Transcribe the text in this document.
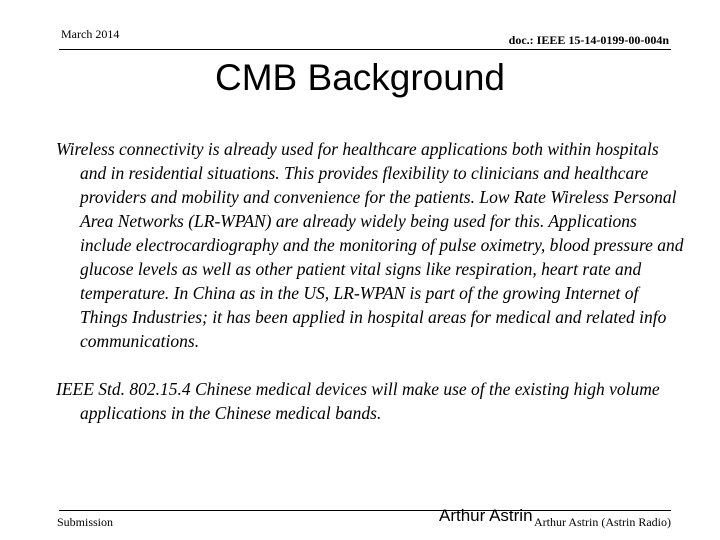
March 2014	doc.: IEEE 15-14-0199-00-004n
CMB Background

Wireless connectivity is already used for healthcare applications both within hospitals and in residential situations. This provides flexibility to clinicians and healthcare providers and mobility and convenience for the patients. Low Rate Wireless Personal Area Networks (LR-WPAN) are already widely being used for this. Applications include electrocardiography and the monitoring of pulse oximetry, blood pressure and glucose levels as well as other patient vital signs like respiration, heart rate and temperature. In China as in the US, LR-WPAN is part of the growing Internet of Things Industries; it has been applied in hospital areas for medical and related info communications.

IEEE Std. 802.15.4 Chinese medical devices will make use of the existing high volume applications in the Chinese medical bands.

Submission	Arthur Astrin Arthur Astrin (Astrin Radio)
